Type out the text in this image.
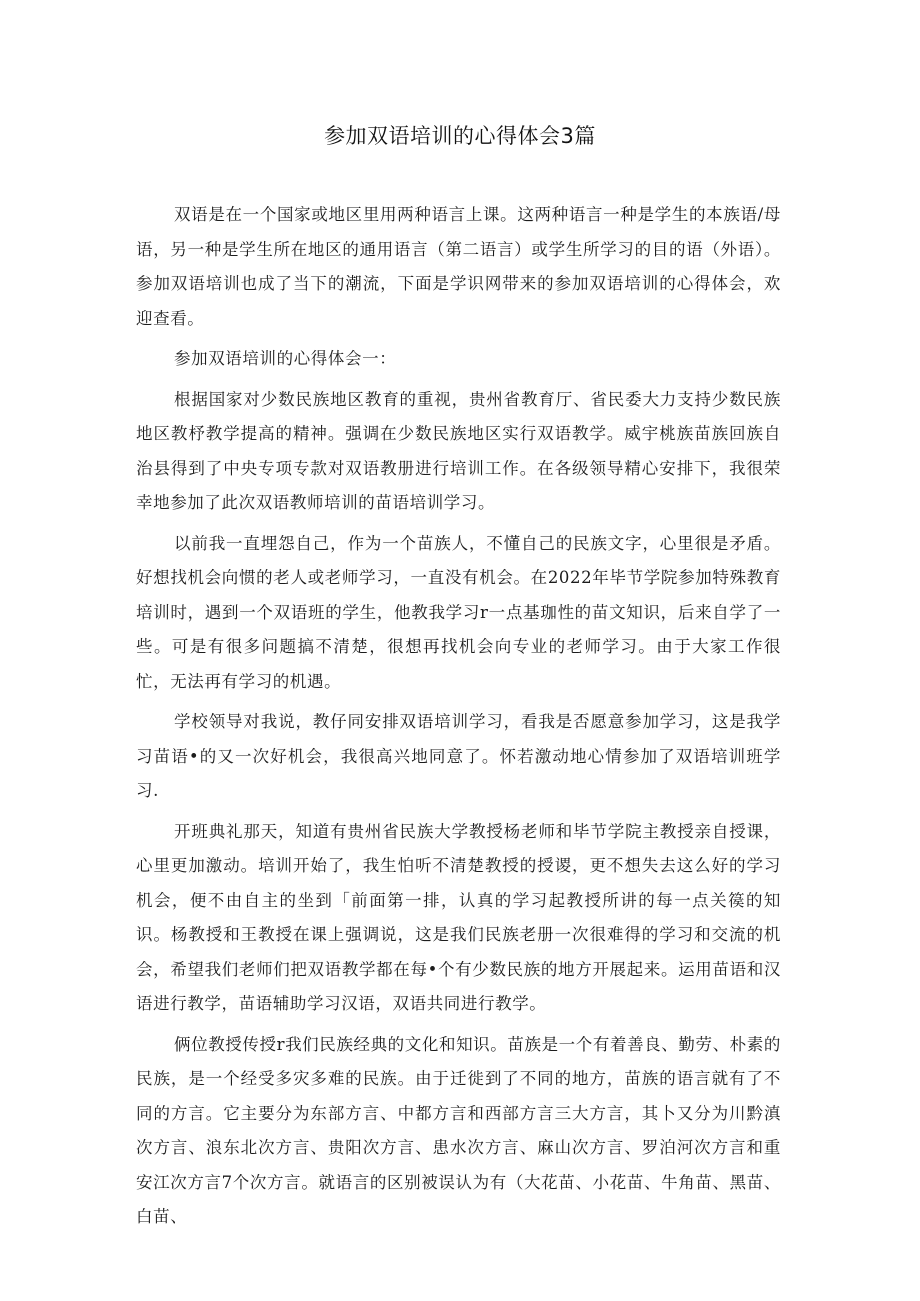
参加双语培训的心得体会3篇

双语是在一个国家或地区里用两种语言上课。这两种语言一种是学生的本族语/母语，另一种是学生所在地区的通用语言（第二语言）或学生所学习的目的语（外语）。参加双语培训也成了当下的潮流，下面是学识网带来的参加双语培训的心得体会，欢迎查看。

参加双语培训的心得体会一：

根据国家对少数民族地区教育的重视，贵州省教育厅、省民委大力支持少数民族地区教杼教学提高的精神。强调在少数民族地区实行双语教学。威宇桃族苗族回族自治县得到了中央专项专款对双语教册进行培训工作。在各级领导精心安排下，我很荣幸地参加了此次双语教师培训的苗语培训学习。

以前我一直埋怨自己，作为一个苗族人，不懂自己的民族文字，心里很是矛盾。好想找机会向惯的老人或老师学习，一直没有机会。在2022年毕节学院参加特殊教育培训时，遇到一个双语班的学生，他教我学习r一点基珈性的苗文知识，后来自学了一些。可是有很多问题搞不清楚，很想再找机会向专业的老师学习。由于大家工作很忙，无法再有学习的机遇。

学校领导对我说，教仔同安排双语培训学习，看我是否愿意参加学习，这是我学习苗语•的又一次好机会，我很高兴地同意了。怀若激动地心情参加了双语培训班学习.

开班典礼那天，知道有贵州省民族大学教授杨老师和毕节学院主教授亲自授课，心里更加激动。培训开始了，我生怕听不清楚教授的授谡，更不想失去这么好的学习机会，便不由自主的坐到「前面第一排，认真的学习起教授所讲的每一点关篌的知识。杨教授和王教授在课上强调说，这是我们民族老册一次很难得的学习和交流的机会，希望我们老师们把双语教学都在每•个有少数民族的地方开展起来。运用苗语和汉语进行教学，苗语辅助学习汉语，双语共同进行教学。

俩位教授传授r我们民族经典的文化和知识。苗族是一个有着善良、勤劳、朴素的民族，是一个经受多灾多难的民族。由于迁徙到了不同的地方，苗族的语言就有了不同的方言。它主要分为东部方言、中都方言和西部方言三大方言，其卜又分为川黔滇次方言、浪东北次方言、贵阳次方言、患水次方言、麻山次方言、罗泊河次方言和重安江次方言7个次方言。就语言的区别被误认为有（大花苗、小花苗、牛角苗、黑苗、白苗、
